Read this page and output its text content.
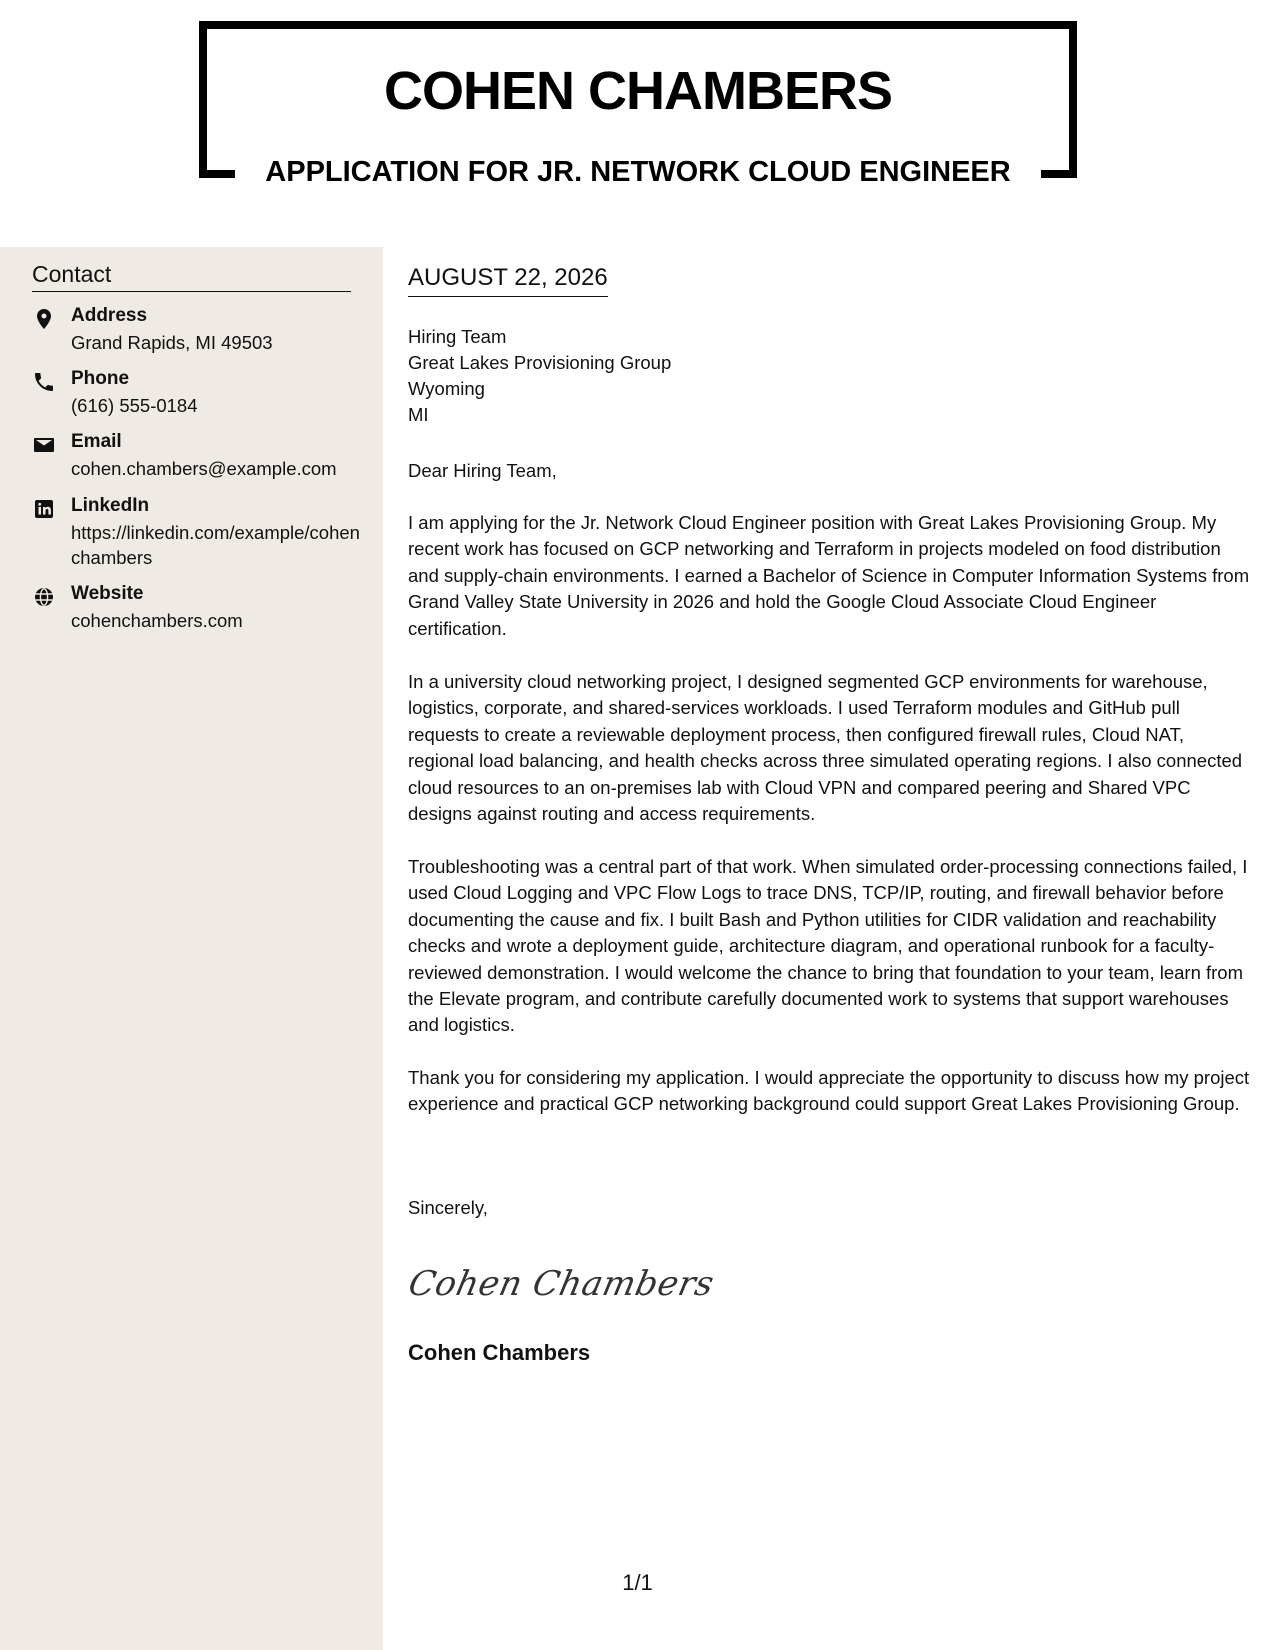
COHEN CHAMBERS
APPLICATION FOR JR. NETWORK CLOUD ENGINEER
Contact
Address
Grand Rapids, MI 49503
Phone
(616) 555-0184
Email
cohen.chambers@example.com
LinkedIn
https://linkedin.com/example/cohenchambers
Website
cohenchambers.com
AUGUST 22, 2026
Hiring Team
Great Lakes Provisioning Group
Wyoming
MI
Dear Hiring Team,

I am applying for the Jr. Network Cloud Engineer position with Great Lakes Provisioning Group. My recent work has focused on GCP networking and Terraform in projects modeled on food distribution and supply-chain environments. I earned a Bachelor of Science in Computer Information Systems from Grand Valley State University in 2026 and hold the Google Cloud Associate Cloud Engineer certification.

In a university cloud networking project, I designed segmented GCP environments for warehouse, logistics, corporate, and shared-services workloads. I used Terraform modules and GitHub pull requests to create a reviewable deployment process, then configured firewall rules, Cloud NAT, regional load balancing, and health checks across three simulated operating regions. I also connected cloud resources to an on-premises lab with Cloud VPN and compared peering and Shared VPC designs against routing and access requirements.

Troubleshooting was a central part of that work. When simulated order-processing connections failed, I used Cloud Logging and VPC Flow Logs to trace DNS, TCP/IP, routing, and firewall behavior before documenting the cause and fix. I built Bash and Python utilities for CIDR validation and reachability checks and wrote a deployment guide, architecture diagram, and operational runbook for a faculty-reviewed demonstration. I would welcome the chance to bring that foundation to your team, learn from the Elevate program, and contribute carefully documented work to systems that support warehouses and logistics.

Thank you for considering my application. I would appreciate the opportunity to discuss how my project experience and practical GCP networking background could support Great Lakes Provisioning Group.

Sincerely,
Cohen Chambers
Cohen Chambers
1/1
